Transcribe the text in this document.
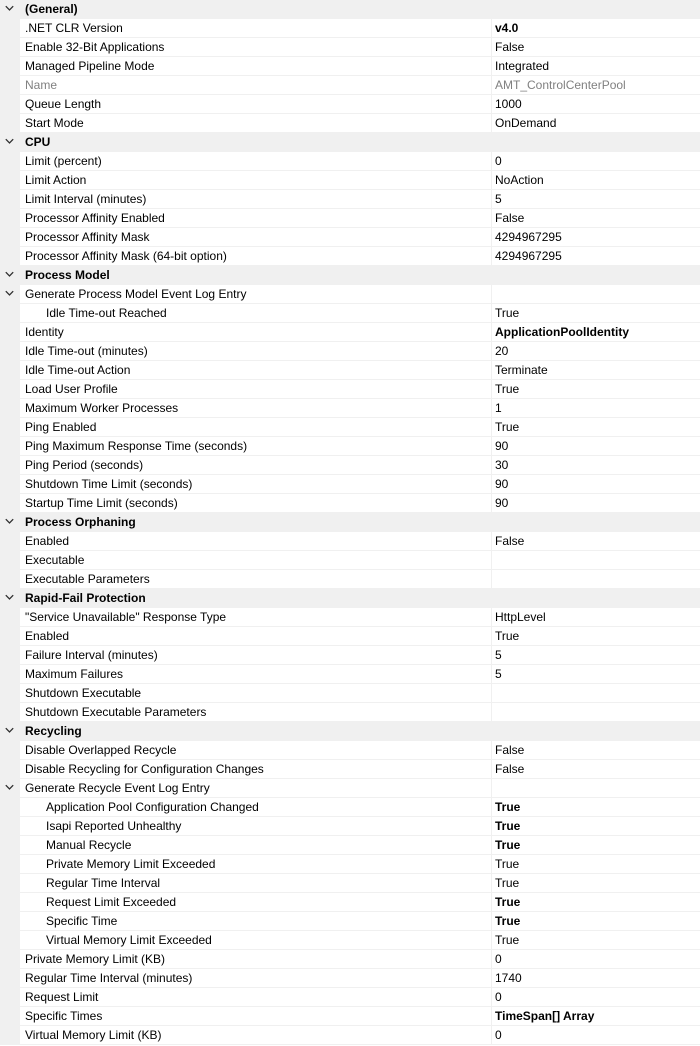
(General)
.NET CLR Version	v4.0
Enable 32-Bit Applications	False
Managed Pipeline Mode	Integrated
Name	AMT_ControlCenterPool
Queue Length	1000
Start Mode	OnDemand
CPU
Limit (percent)	0
Limit Action	NoAction
Limit Interval (minutes)	5
Processor Affinity Enabled	False
Processor Affinity Mask	4294967295
Processor Affinity Mask (64-bit option)	4294967295
Process Model
Generate Process Model Event Log Entry
Idle Time-out Reached	True
Identity	ApplicationPoolIdentity
Idle Time-out (minutes)	20
Idle Time-out Action	Terminate
Load User Profile	True
Maximum Worker Processes	1
Ping Enabled	True
Ping Maximum Response Time (seconds)	90
Ping Period (seconds)	30
Shutdown Time Limit (seconds)	90
Startup Time Limit (seconds)	90
Process Orphaning
Enabled	False
Executable
Executable Parameters
Rapid-Fail Protection
"Service Unavailable" Response Type	HttpLevel
Enabled	True
Failure Interval (minutes)	5
Maximum Failures	5
Shutdown Executable
Shutdown Executable Parameters
Recycling
Disable Overlapped Recycle	False
Disable Recycling for Configuration Changes	False
Generate Recycle Event Log Entry
Application Pool Configuration Changed	True
Isapi Reported Unhealthy	True
Manual Recycle	True
Private Memory Limit Exceeded	True
Regular Time Interval	True
Request Limit Exceeded	True
Specific Time	True
Virtual Memory Limit Exceeded	True
Private Memory Limit (KB)	0
Regular Time Interval (minutes)	1740
Request Limit	0
Specific Times	TimeSpan[] Array
Virtual Memory Limit (KB)	0
